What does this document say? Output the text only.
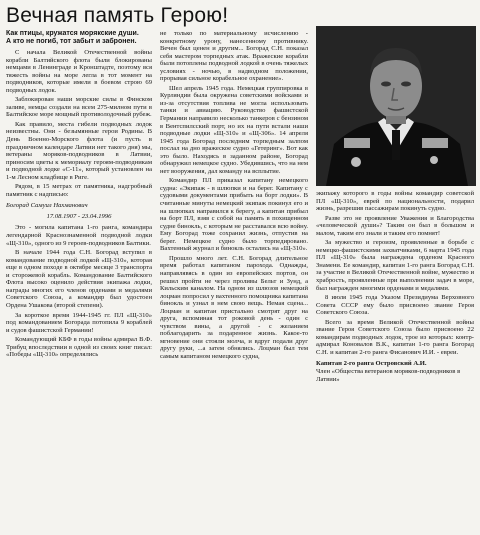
Вечная память Герою!
Как птицы, кружатся морякские души.
А кто не погиб, тот забыт и забронен.

С начала Великой Отечественной войны корабли Балтийского флота были блокированы немцами в Ленинграде и Кронштадте, поэтому вся тяжесть войны на море легла в тот момент на подводников, которые имели в боевом строю 69 подводных лодок.

Заблокирован наши морские силы в Финском заливе, немцы создали на всем 275-милном пути в Балтийское море мощный противолодочный рубеж.

Как правило, места гибели подводных лодок неизвестны. Они - безымянные герои Родины. В День Военно-Морского флота (и пусть в праздничном календаре Латвии нет такого дня) мы, ветераны моряков-подводников в Латвии, приносим цветы к мемориалу героям-подводникам и подводной лодке «С-11», который установлен на 1-м Лесном кладбище в Риге.

Рядом, в 15 метрах от памятника, надгробный памятник с надписью:

Богорад Самуил Нахманович
17.08.1907 - 23.04.1996

Это - могила капитана 1-го ранга, командира легендарной Краснознаменной подводной лодки «Щ-310», одного из 9 героев-подводников Балтики.

В начале 1944 года С.Н. Богорад вступил в командование подводной лодкой «Щ-310», которая еще в одном походе в октябре месяце 3 транспорта и сторожевой корабль. Командование Балтийского Флота высоко оценило действия экипажа лодки, награды многих его членов орденами и медалями Советского Союза, а командир был удостоен Ордена Ушакова (второй степени).

За короткое время 1944-1945 гг. ПЛ «Щ-310» под командованием Богорада потопила 9 кораблей и судов фашистской Германии!

Командующий КБФ в годы войны адмирал В.Ф. Трибуц впоследствии в одной из своих книг писал: «Победы «Щ-310» определялись

не только по материальному исчислению - конкретному урону, нанесенному противнику. Вечен был ценен и другим... Богорад С.Н. показал себя мастером торпедных атак. Вражеские корабли были потоплены подводной лодкой в очень тяжелых условиях - ночью, в надводном положении, прорывая сильное корабельное охранение».

Шел апрель 1945 года. Немецкая группировка в Курляндии была окружена советскими войсками и из-за отсутствия топлива не могла использовать танки и авиацию. Руководство фашистской Германии направило несколько танкеров с бензином в Вентспилсский порт, но их на пути встали наши подводные лодки «Щ-310» и «Щ-306». 14 апреля 1945 года Богорад последним торпедным залпом послал на дно вражеское судно «Гетеринг». Вот как это было. Находясь в заданном районе, Богорад обнаружил немецкое судно. Убедившись, что на нем нет вооружения, дал команду на всплытие.

Командир ПЛ приказал капитану немецкого судна: «Экипаж - в шлюпки и на берег. Капитану с судовыми документами прибыть на борт лодки». В считанные минуты немецкий экипаж покинул его и на шлюпках направился к берегу, а капитан прибыл на борт ПЛ, взяв с собой на память в похищенном судне бинокль, с которым не расставался всю войну. Ему Богорад тоже сохранил жизнь, отпустив на берег. Немецкое судно было торпедировано. Вахтенный журнал и бинокль остались на «Щ-310».

Прошло много лет. С.Н. Богорад длительное время работал капитаном парохода. Однажды, направлявясь в один из европейских портов, он решил пройти не через проливы Бельт и Зунд, а Кильским каналом. На одном из шлюзов немецкий лоцман попросил у вахтенного помощника капитана бинокль и узнал в нем свою вещь. Немая сцена... Лоцман и капитан пристально смотрят друг на друга, вспоминая тот роковой день - один с чувством вины, а другой - с желанием поблагодарить за подаренное жизнь. Какое-то мгновение они стояли молча, и вдруг подали друг другу руки, ...а затем обнялись. Лоцман был тем самым капитаном немецкого судна,

экипажу которого в годы войны командир советской ПЛ «Щ-310», еврей по национальности, подарил жизнь, разрешив пассажирам покинуть судно.

Разве это не проявление Уважения и Благородства «человеческой души»? Таким он был в большом и малом, таким его знали и таким его помнят!

За мужество и героизм, проявленные в борьбе с немецко-фашистскими захватчиками, 6 марта 1945 года ПЛ «Щ-310» была награждена орденом Красного Знамени. Ее командир, капитан 1-го ранга Богорад С.Н. за участие в Великой Отечественной войне, мужество и храбрость, проявленные при выполнении задач в море, был награжден многими орденами и медалями.

8 июля 1945 года Указом Президиума Верховного Совета СССР ему было присвоено звание Героя Советского Союза.

Всего за время Великой Отечественной войны звание Героя Советского Союза было присвоено 22 командирам подводных лодок, трое из которых: контр-адмирал Коновалов В.К., капитан 1-го ранга Богорад С.Н. и капитан 2-го ранга Фисанович И.И. - евреи.

Капитан 2-го ранга Островский А.И.
Член «Общества ветеранов моряков-подводников в Латвии»
